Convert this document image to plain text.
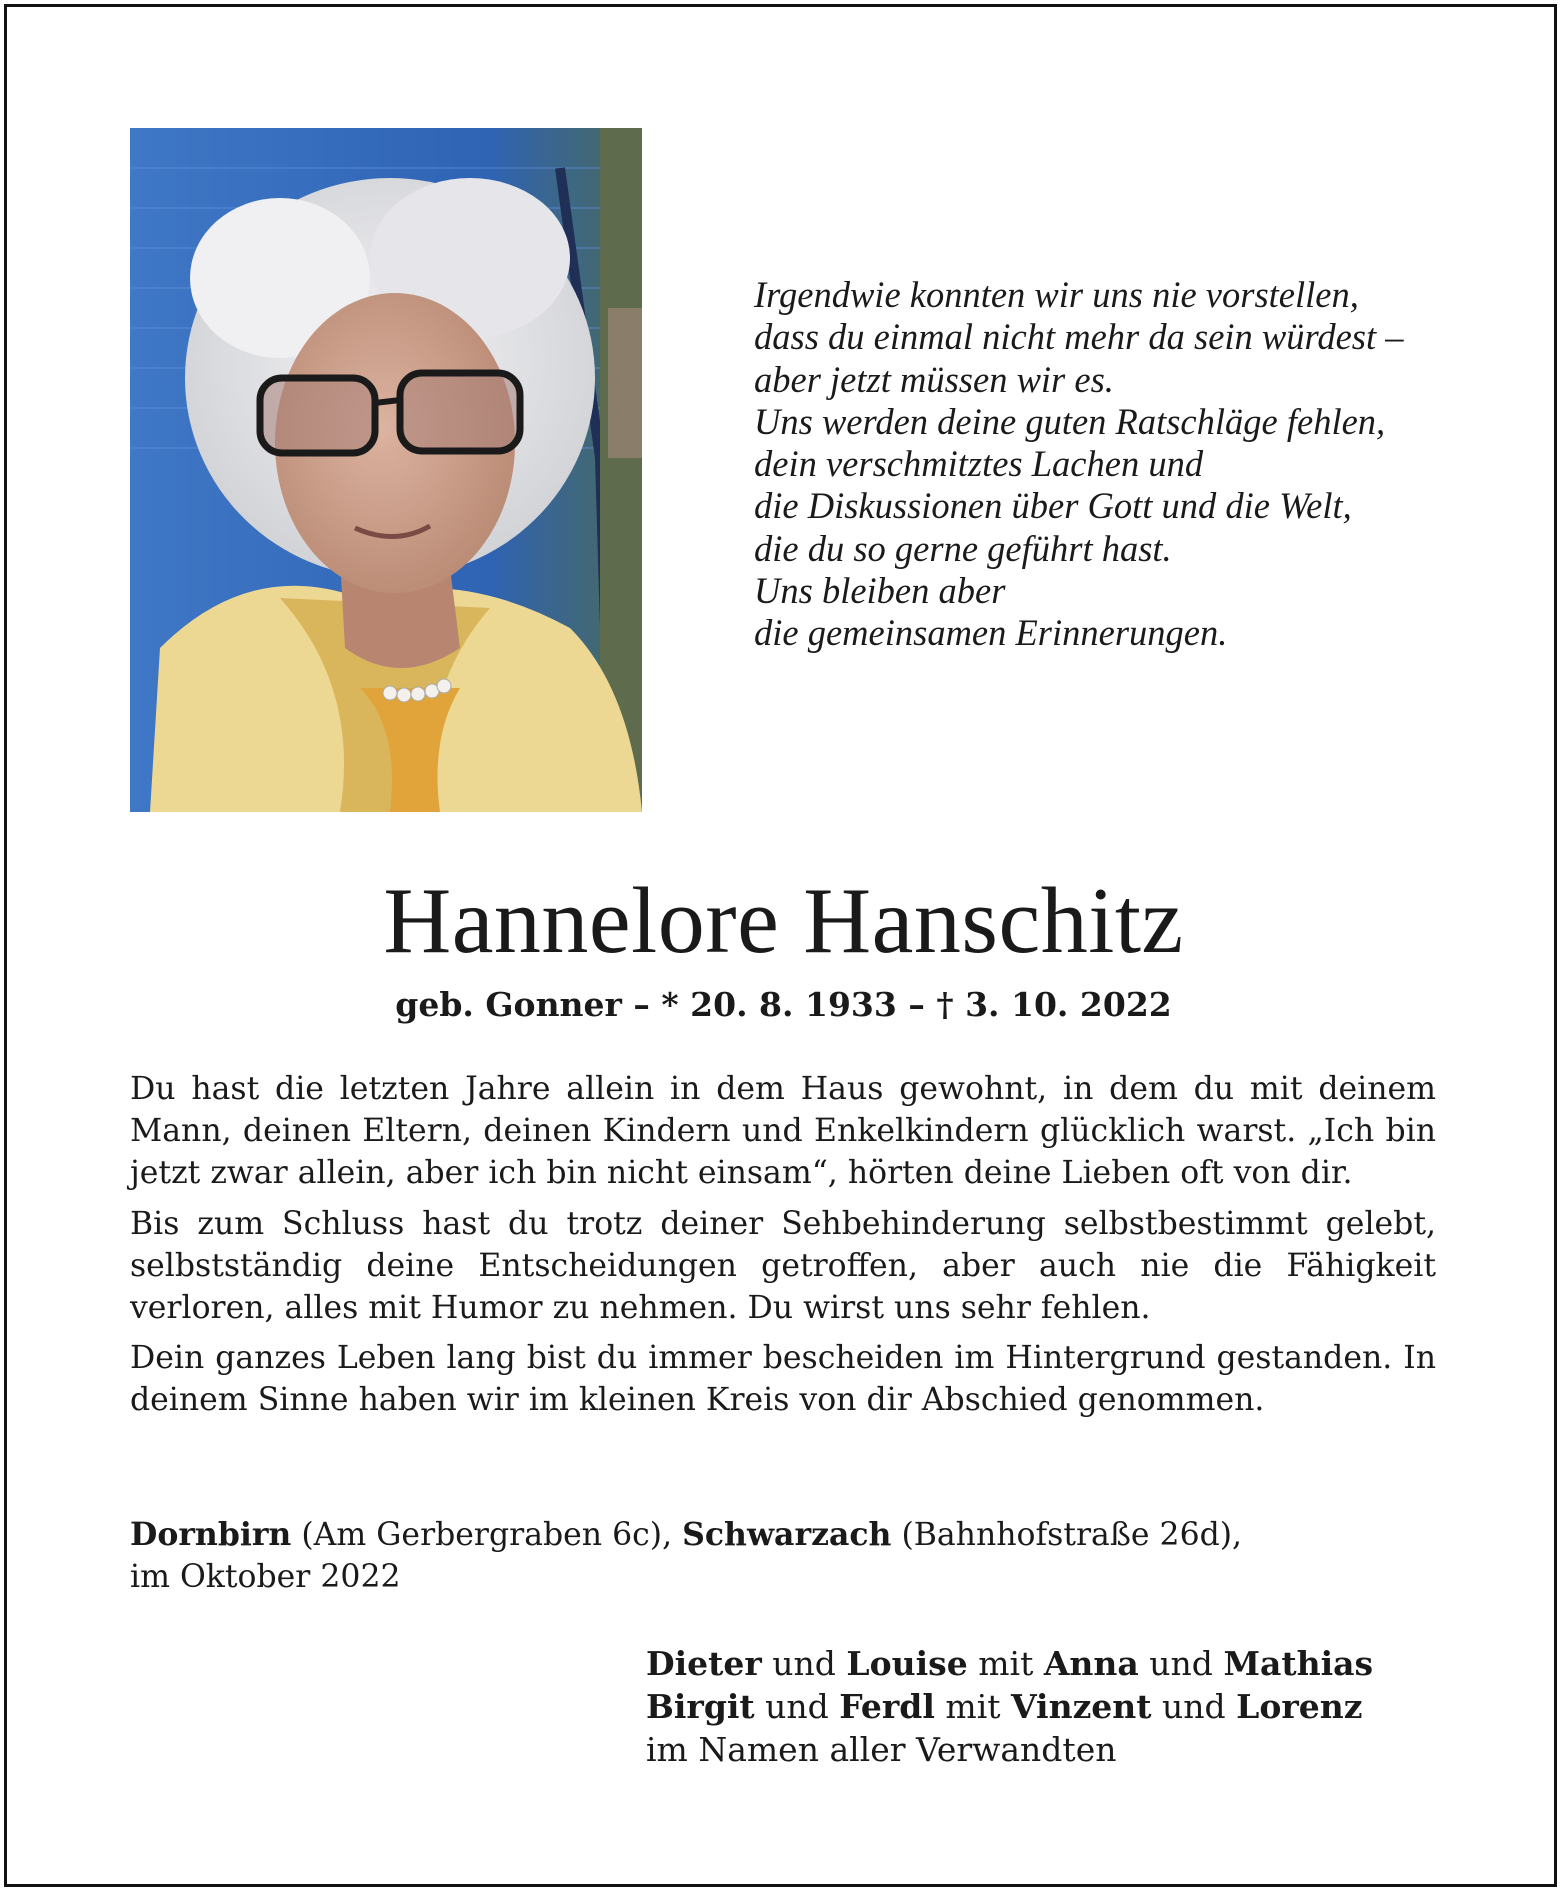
Irgendwie konnten wir uns nie vorstellen,
dass du einmal nicht mehr da sein würdest –
aber jetzt müssen wir es.
Uns werden deine guten Ratschläge fehlen,
dein verschmitztes Lachen und
die Diskussionen über Gott und die Welt,
die du so gerne geführt hast.
Uns bleiben aber
die gemeinsamen Erinnerungen.
Hannelore Hanschitz
geb. Gonner – * 20. 8. 1933 – † 3. 10. 2022

Du hast die letzten Jahre allein in dem Haus gewohnt, in dem du mit deinem Mann, deinen Eltern, deinen Kindern und Enkelkindern glücklich warst. „Ich bin jetzt zwar allein, aber ich bin nicht einsam“, hörten deine Lieben oft von dir.

Bis zum Schluss hast du trotz deiner Sehbehinderung selbstbestimmt gelebt, selbstständig deine Entscheidungen getroffen, aber auch nie die Fähigkeit verloren, alles mit Humor zu nehmen. Du wirst uns sehr fehlen.

Dein ganzes Leben lang bist du immer bescheiden im Hintergrund gestanden. In deinem Sinne haben wir im kleinen Kreis von dir Abschied genommen.

Dornbirn (Am Gerbergraben 6c), Schwarzach (Bahnhofstraße 26d),
im Oktober 2022
Dieter und Louise mit Anna und Mathias
Birgit und Ferdl mit Vinzent und Lorenz
im Namen aller Verwandten
